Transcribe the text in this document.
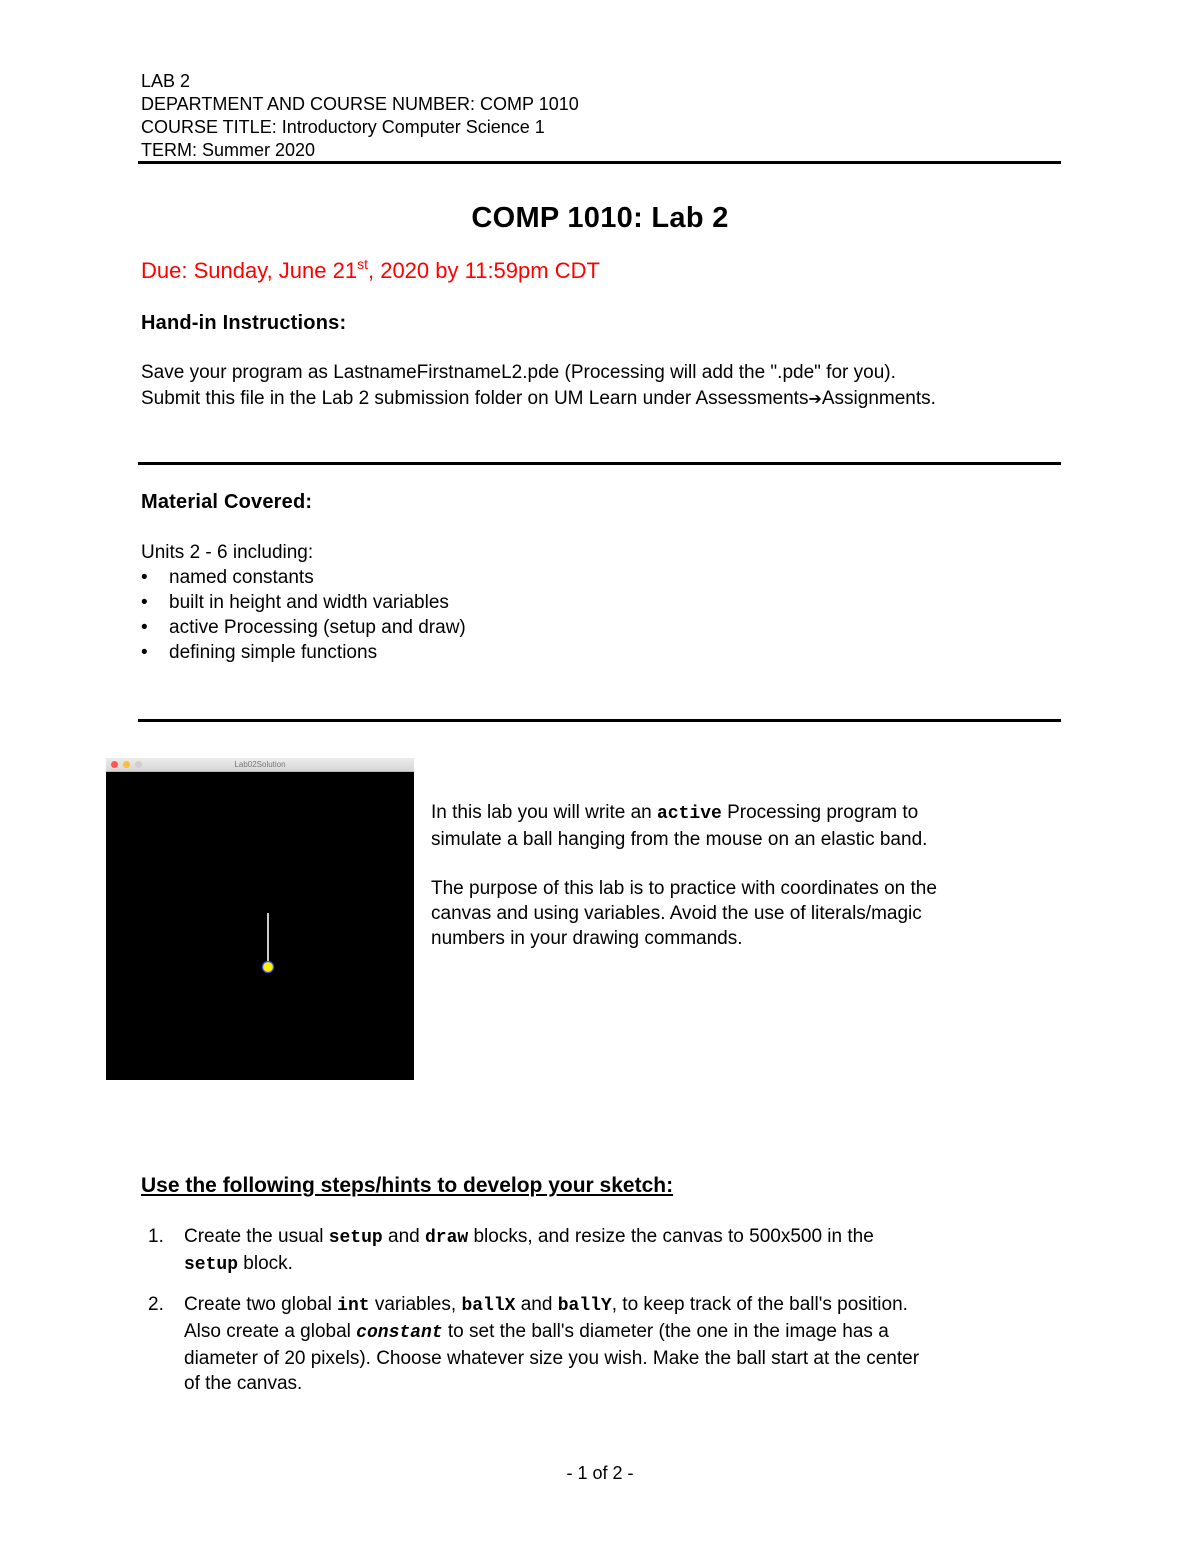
LAB 2
DEPARTMENT AND COURSE NUMBER: COMP 1010
COURSE TITLE: Introductory Computer Science 1
TERM: Summer 2020
COMP 1010: Lab 2
Due: Sunday, June 21st, 2020 by 11:59pm CDT
Hand-in Instructions:
Save your program as LastnameFirstnameL2.pde (Processing will add the ".pde" for you).
Submit this file in the Lab 2 submission folder on UM Learn under Assessments➔Assignments.
Material Covered:
Units 2 - 6 including:
• named constants
• built in height and width variables
• active Processing (setup and draw)
• defining simple functions
Lab02Solution
In this lab you will write an active Processing program to
simulate a ball hanging from the mouse on an elastic band.
The purpose of this lab is to practice with coordinates on the
canvas and using variables. Avoid the use of literals/magic
numbers in your drawing commands.
Use the following steps/hints to develop your sketch:
1. Create the usual setup and draw blocks, and resize the canvas to 500x500 in the
setup block.
2. Create two global int variables, ballX and ballY, to keep track of the ball's position.
Also create a global constant to set the ball's diameter (the one in the image has a
diameter of 20 pixels). Choose whatever size you wish. Make the ball start at the center
of the canvas.
- 1 of 2 -
